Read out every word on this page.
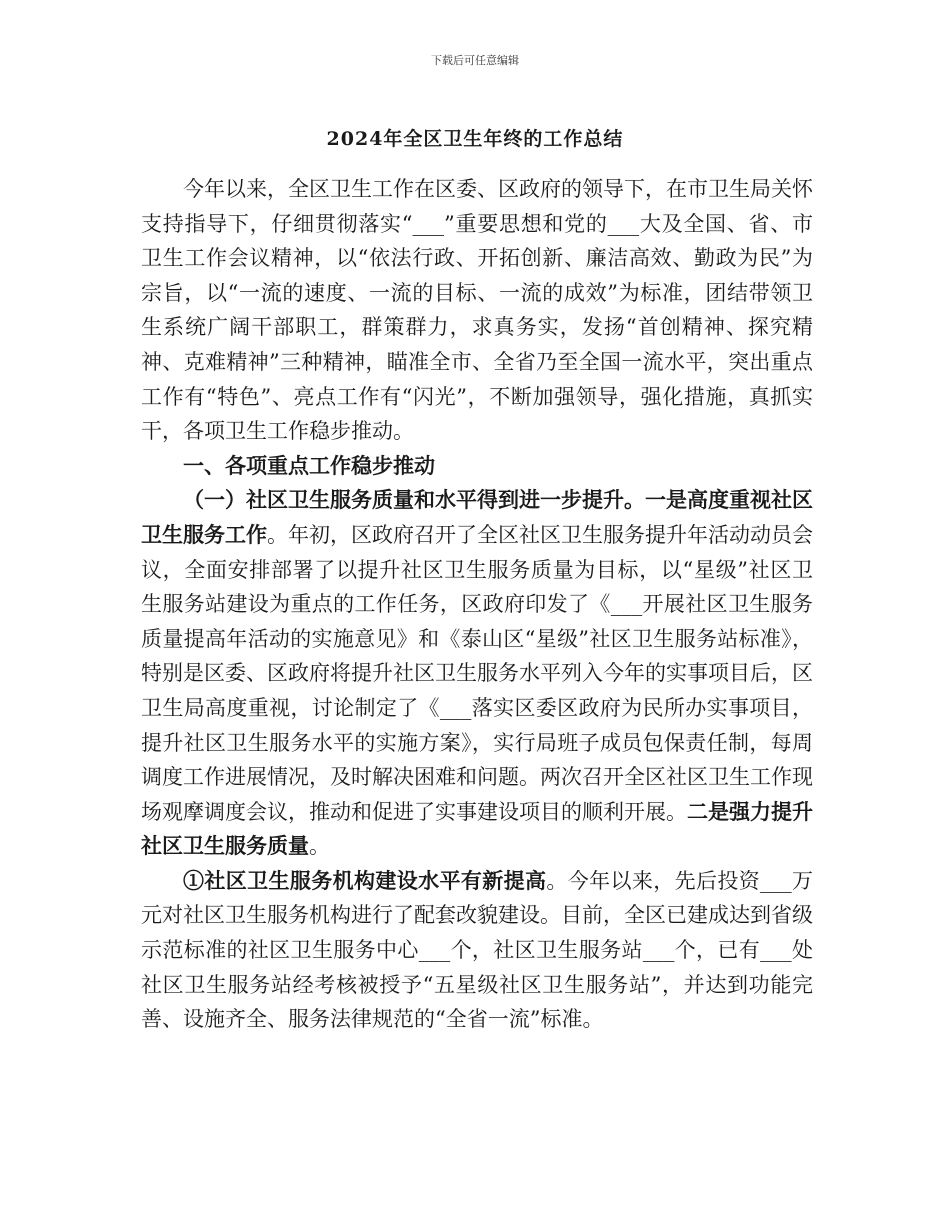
下载后可任意编辑
2024年全区卫生年终的工作总结

今年以来，全区卫生工作在区委、区政府的领导下，在市卫生局关怀支持指导下，仔细贯彻落实“___”重要思想和党的___大及全国、省、市卫生工作会议精神，以“依法行政、开拓创新、廉洁高效、勤政为民”为宗旨，以“一流的速度、一流的目标、一流的成效”为标准，团结带领卫生系统广阔干部职工，群策群力，求真务实，发扬“首创精神、探究精神、克难精神”三种精神，瞄准全市、全省乃至全国一流水平，突出重点工作有“特色”、亮点工作有“闪光”，不断加强领导，强化措施，真抓实干，各项卫生工作稳步推动。

一、各项重点工作稳步推动

（一）社区卫生服务质量和水平得到进一步提升。一是高度重视社区卫生服务工作。年初，区政府召开了全区社区卫生服务提升年活动动员会议，全面安排部署了以提升社区卫生服务质量为目标，以“星级”社区卫生服务站建设为重点的工作任务，区政府印发了《___开展社区卫生服务质量提高年活动的实施意见》和《泰山区“星级”社区卫生服务站标准》，特别是区委、区政府将提升社区卫生服务水平列入今年的实事项目后，区卫生局高度重视，讨论制定了《___落实区委区政府为民所办实事项目，提升社区卫生服务水平的实施方案》，实行局班子成员包保责任制，每周调度工作进展情况，及时解决困难和问题。两次召开全区社区卫生工作现场观摩调度会议，推动和促进了实事建设项目的顺利开展。二是强力提升社区卫生服务质量。

①社区卫生服务机构建设水平有新提高。今年以来，先后投资___万元对社区卫生服务机构进行了配套改貌建设。目前，全区已建成达到省级示范标准的社区卫生服务中心___个，社区卫生服务站___个，已有___处社区卫生服务站经考核被授予“五星级社区卫生服务站”，并达到功能完善、设施齐全、服务法律规范的“全省一流”标准。
